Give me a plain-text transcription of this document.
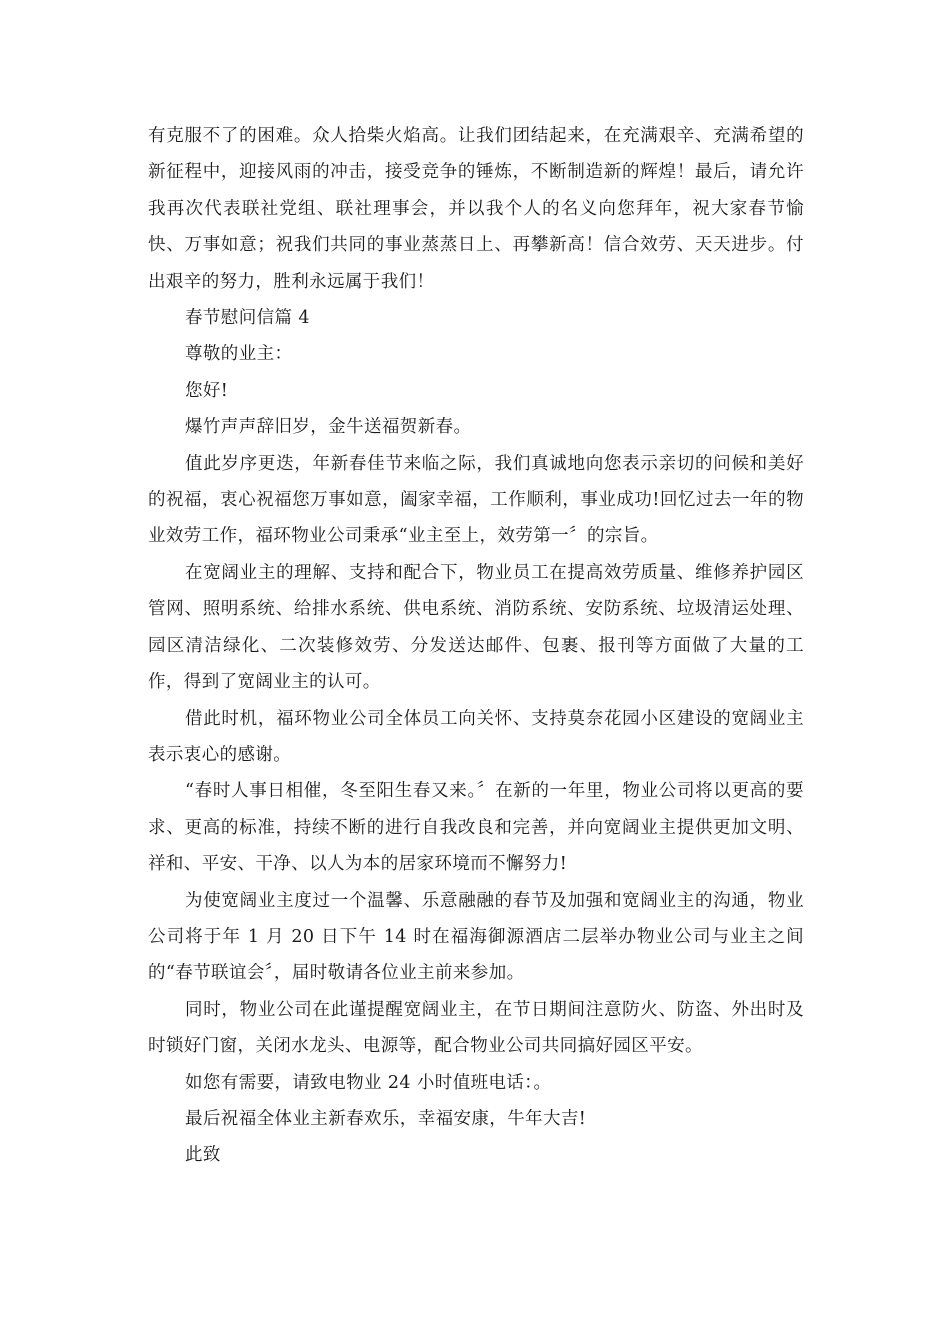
有克服不了的困难。众人拾柴火焰高。让我们团结起来，在充满艰辛、充满希望的新征程中，迎接风雨的冲击，接受竞争的锤炼，不断制造新的辉煌！最后，请允许我再次代表联社党组、联社理事会，并以我个人的名义向您拜年，祝大家春节愉快、万事如意；祝我们共同的事业蒸蒸日上、再攀新高！信合效劳、天天进步。付出艰辛的努力，胜利永远属于我们！

春节慰问信篇 4

尊敬的业主：

您好!

爆竹声声辞旧岁，金牛送福贺新春。

值此岁序更迭，年新春佳节来临之际，我们真诚地向您表示亲切的问候和美好的祝福，衷心祝福您万事如意，阖家幸福，工作顺利，事业成功!回忆过去一年的物业效劳工作，福环物业公司秉承“业主至上，效劳第一〞的宗旨。

在宽阔业主的理解、支持和配合下，物业员工在提高效劳质量、维修养护园区管网、照明系统、给排水系统、供电系统、消防系统、安防系统、垃圾清运处理、园区清洁绿化、二次装修效劳、分发送达邮件、包裹、报刊等方面做了大量的工作，得到了宽阔业主的认可。

借此时机，福环物业公司全体员工向关怀、支持莫奈花园小区建设的宽阔业主表示衷心的感谢。

“春时人事日相催，冬至阳生春又来。〞在新的一年里，物业公司将以更高的要求、更高的标准，持续不断的进行自我改良和完善，并向宽阔业主提供更加文明、祥和、平安、干净、以人为本的居家环境而不懈努力!

为使宽阔业主度过一个温馨、乐意融融的春节及加强和宽阔业主的沟通，物业公司将于年 1 月 20 日下午 14 时在福海御源酒店二层举办物业公司与业主之间的“春节联谊会〞，届时敬请各位业主前来参加。

同时，物业公司在此谨提醒宽阔业主，在节日期间注意防火、防盗、外出时及时锁好门窗，关闭水龙头、电源等，配合物业公司共同搞好园区平安。

如您有需要，请致电物业 24 小时值班电话：。

最后祝福全体业主新春欢乐，幸福安康，牛年大吉!

此致
